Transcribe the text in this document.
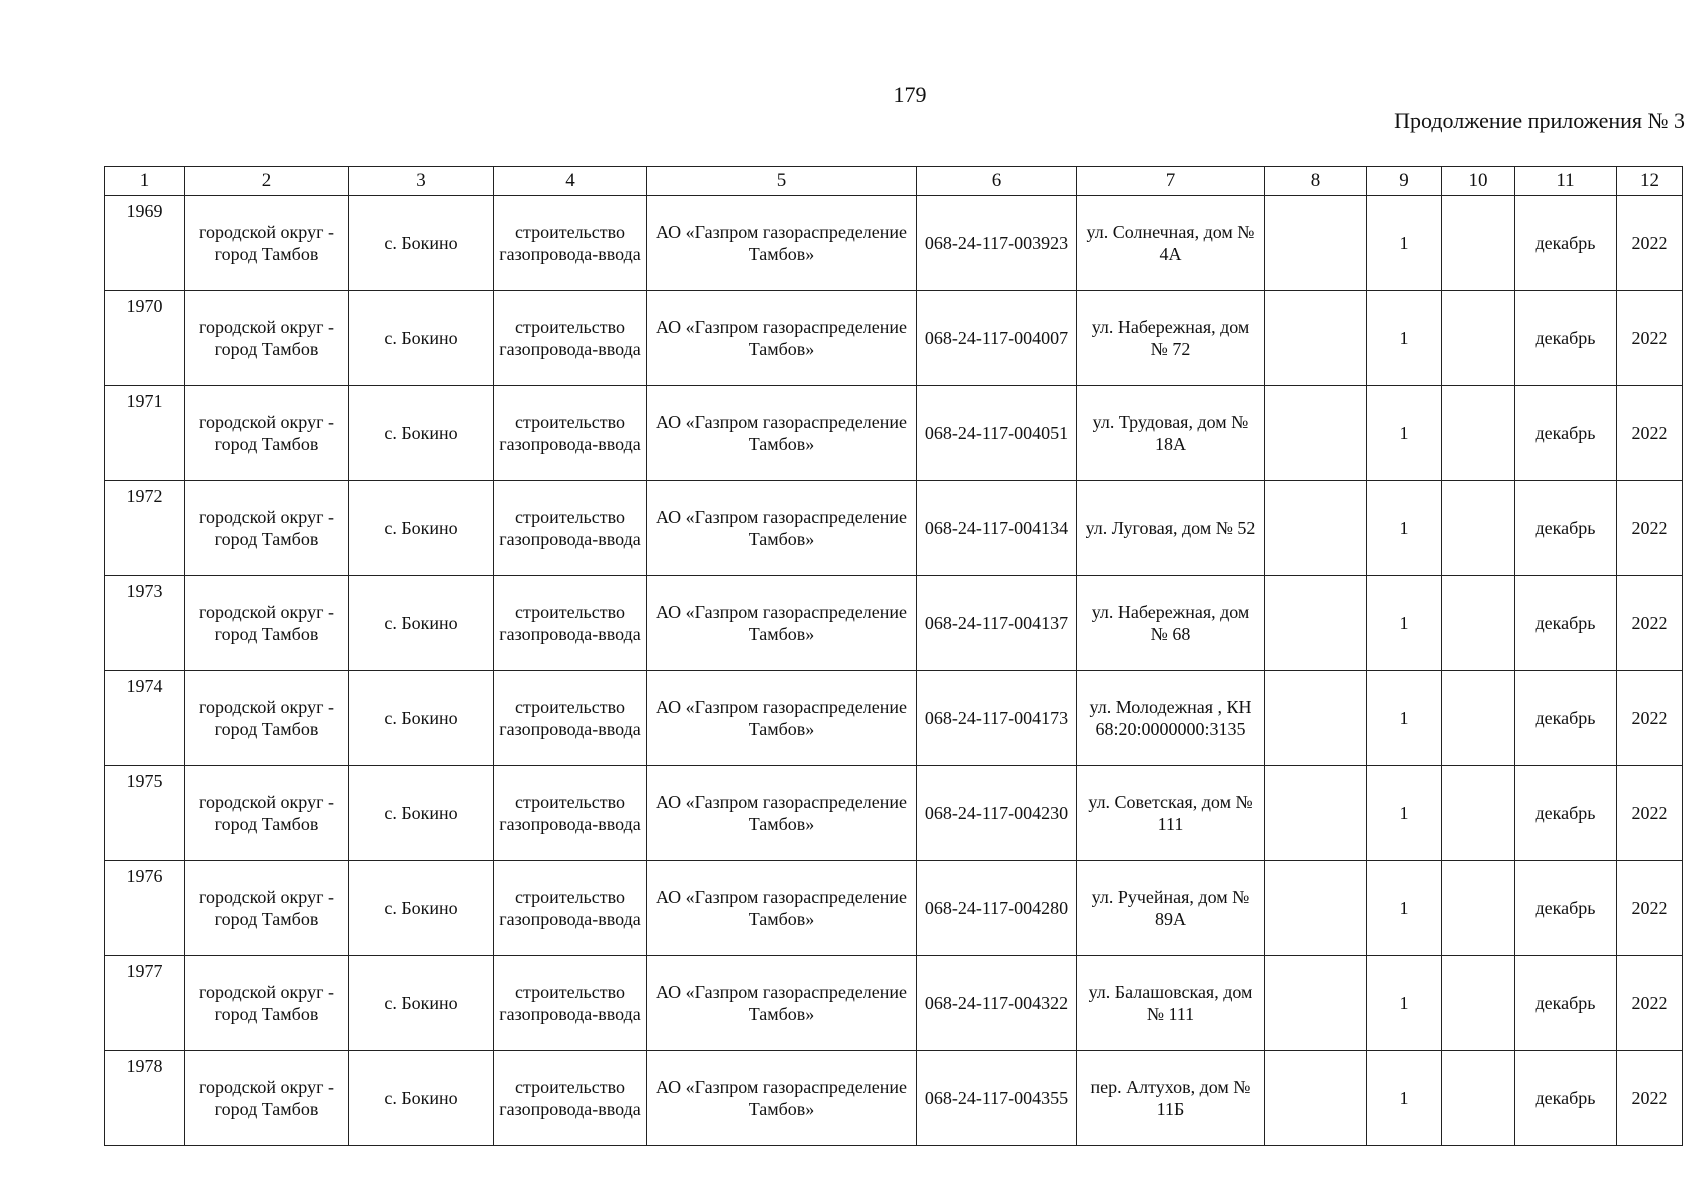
179
Продолжение приложения № 3
1	2	3	4	5	6	7	8	9	10	11	12
1969	городской округ - город Тамбов	с. Бокино	строительство газопровода-ввода	АО «Газпром газораспределение Тамбов»	068-24-117-003923	ул. Солнечная, дом № 4А		1		декабрь	2022
1970	городской округ - город Тамбов	с. Бокино	строительство газопровода-ввода	АО «Газпром газораспределение Тамбов»	068-24-117-004007	ул. Набережная, дом № 72		1		декабрь	2022
1971	городской округ - город Тамбов	с. Бокино	строительство газопровода-ввода	АО «Газпром газораспределение Тамбов»	068-24-117-004051	ул. Трудовая, дом № 18А		1		декабрь	2022
1972	городской округ - город Тамбов	с. Бокино	строительство газопровода-ввода	АО «Газпром газораспределение Тамбов»	068-24-117-004134	ул. Луговая, дом № 52		1		декабрь	2022
1973	городской округ - город Тамбов	с. Бокино	строительство газопровода-ввода	АО «Газпром газораспределение Тамбов»	068-24-117-004137	ул. Набережная, дом № 68		1		декабрь	2022
1974	городской округ - город Тамбов	с. Бокино	строительство газопровода-ввода	АО «Газпром газораспределение Тамбов»	068-24-117-004173	ул. Молодежная , КН 68:20:0000000:3135		1		декабрь	2022
1975	городской округ - город Тамбов	с. Бокино	строительство газопровода-ввода	АО «Газпром газораспределение Тамбов»	068-24-117-004230	ул. Советская, дом № 111		1		декабрь	2022
1976	городской округ - город Тамбов	с. Бокино	строительство газопровода-ввода	АО «Газпром газораспределение Тамбов»	068-24-117-004280	ул. Ручейная, дом № 89А		1		декабрь	2022
1977	городской округ - город Тамбов	с. Бокино	строительство газопровода-ввода	АО «Газпром газораспределение Тамбов»	068-24-117-004322	ул. Балашовская, дом № 111		1		декабрь	2022
1978	городской округ - город Тамбов	с. Бокино	строительство газопровода-ввода	АО «Газпром газораспределение Тамбов»	068-24-117-004355	пер. Алтухов, дом № 11Б		1		декабрь	2022
